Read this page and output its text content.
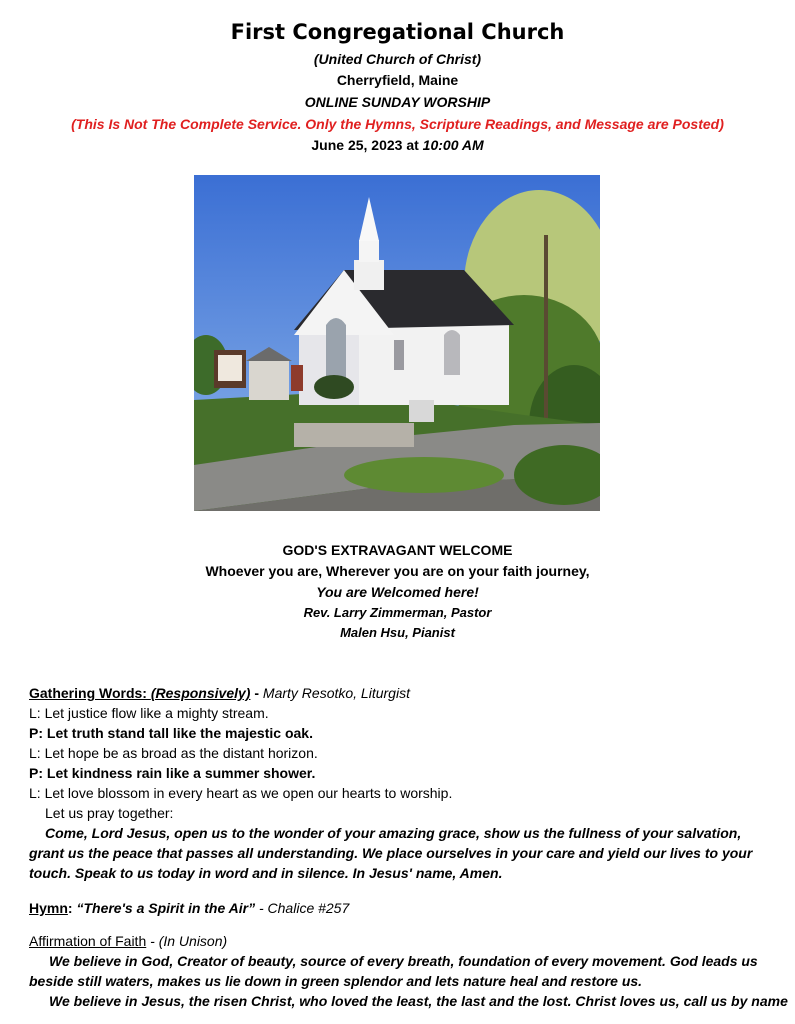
First Congregational Church
(United Church of Christ)
Cherryfield, Maine
ONLINE SUNDAY WORSHIP
(This Is Not The Complete Service. Only the Hymns, Scripture Readings, and Message are Posted)
June 25, 2023 at 10:00 AM
GOD'S EXTRAVAGANT WELCOME
Whoever you are, Wherever you are on your faith journey,
You are Welcomed here!
Rev. Larry Zimmerman, Pastor
Malen Hsu, Pianist
Gathering Words: (Responsively) - Marty Resotko, Liturgist
L: Let justice flow like a mighty stream.
P: Let truth stand tall like the majestic oak.
L: Let hope be as broad as the distant horizon.
P: Let kindness rain like a summer shower.
L: Let love blossom in every heart as we open our hearts to worship.
Let us pray together:
Come, Lord Jesus, open us to the wonder of your amazing grace, show us the fullness of your salvation, grant us the peace that passes all understanding. We place ourselves in your care and yield our lives to your touch. Speak to us today in word and in silence. In Jesus' name, Amen.
Hymn: “There's a Spirit in the Air” - Chalice #257
Affirmation of Faith - (In Unison)
We believe in God, Creator of beauty, source of every breath, foundation of every movement. God leads us beside still waters, makes us lie down in green splendor and lets nature heal and restore us.
We believe in Jesus, the risen Christ, who loved the least, the last and the lost. Christ loves us, call us by name
